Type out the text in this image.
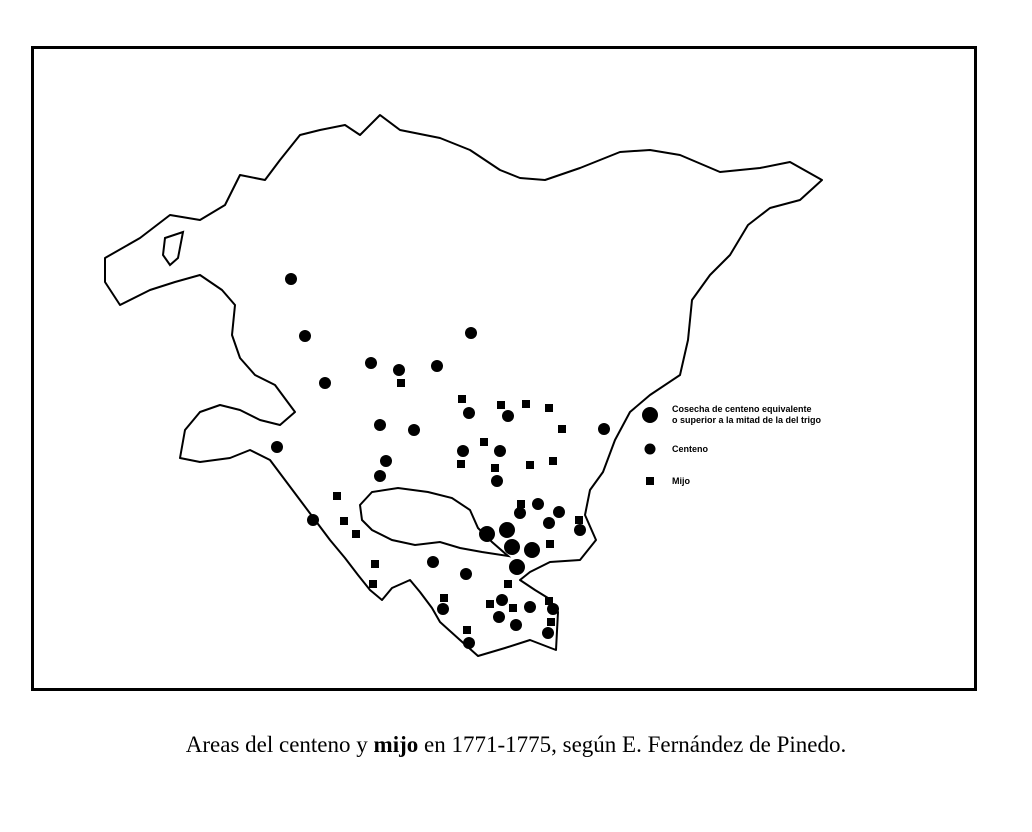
Cosecha de centeno equivalente
o superior a la mitad de la del trigo
Centeno
Mijo
Areas del centeno y mijo en 1771-1775, según E. Fernández de Pinedo.
